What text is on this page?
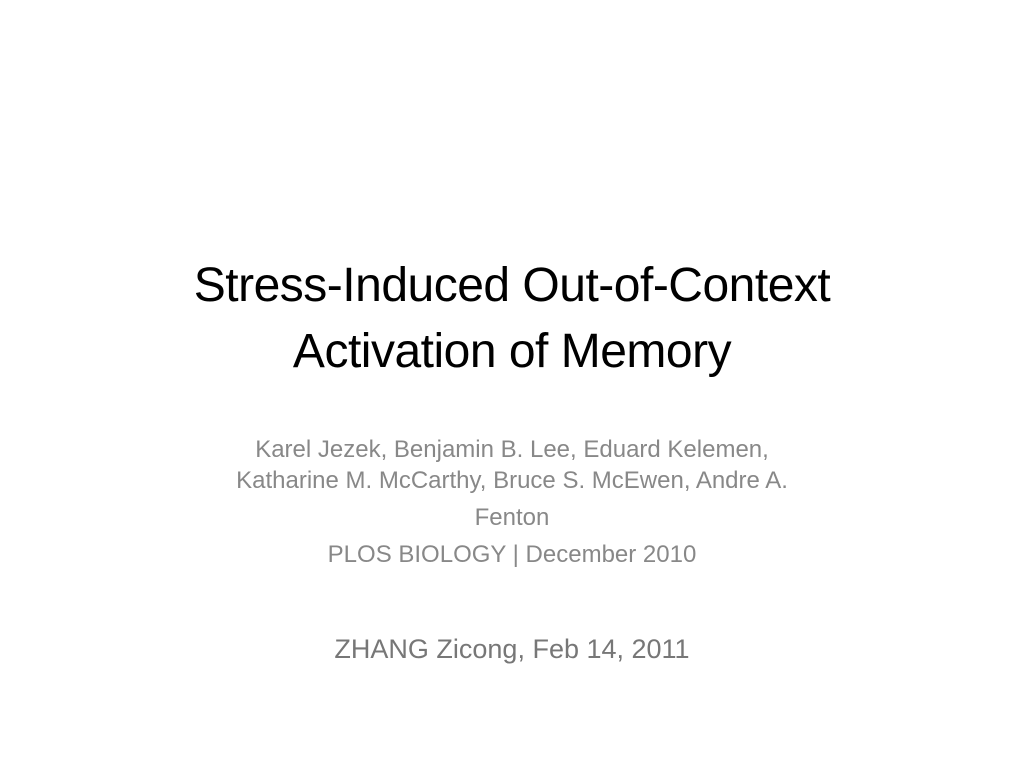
Stress-Induced Out-of-Context
Activation of Memory
Karel Jezek, Benjamin B. Lee, Eduard Kelemen,
Katharine M. McCarthy, Bruce S. McEwen, Andre A.
Fenton
PLOS BIOLOGY | December 2010
ZHANG Zicong, Feb 14, 2011
